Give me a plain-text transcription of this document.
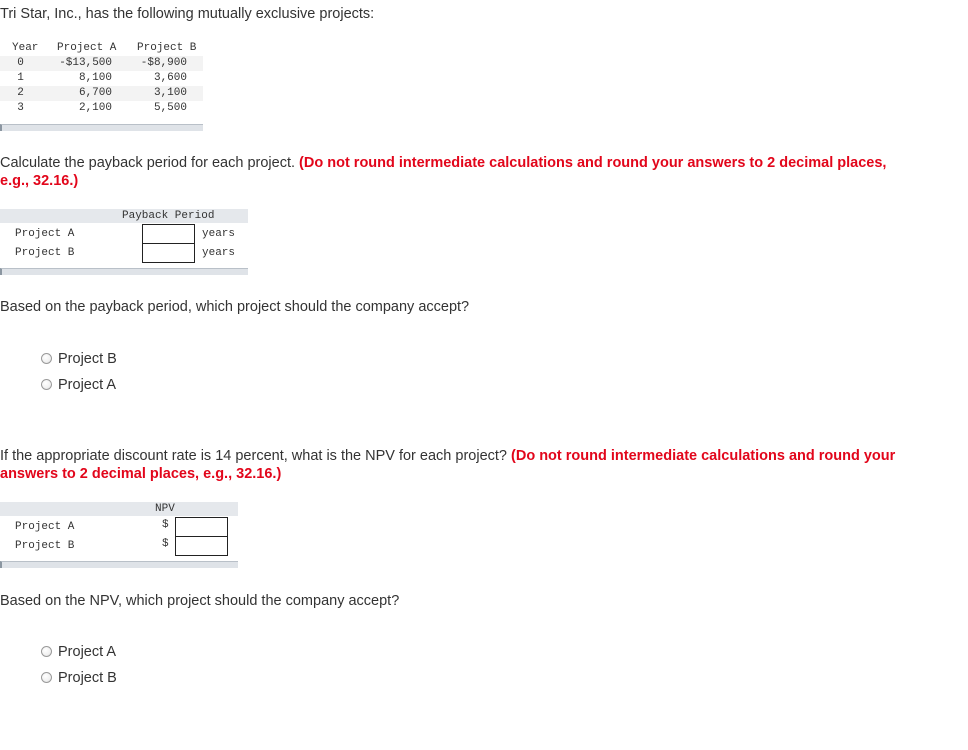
Tri Star, Inc., has the following mutually exclusive projects:
Year Project A Project B
0	-$13,500	-$8,900
1	8,100	3,600
2	6,700	3,100
3	2,100	5,500
Calculate the payback period for each project. (Do not round intermediate calculations and round your answers to 2 decimal places, e.g., 32.16.)
Payback Period
Project A	years
Project B	years
Based on the payback period, which project should the company accept?
Project B
Project A
If the appropriate discount rate is 14 percent, what is the NPV for each project? (Do not round intermediate calculations and round your answers to 2 decimal places, e.g., 32.16.)
NPV
Project A	$
Project B	$
Based on the NPV, which project should the company accept?
Project A
Project B
